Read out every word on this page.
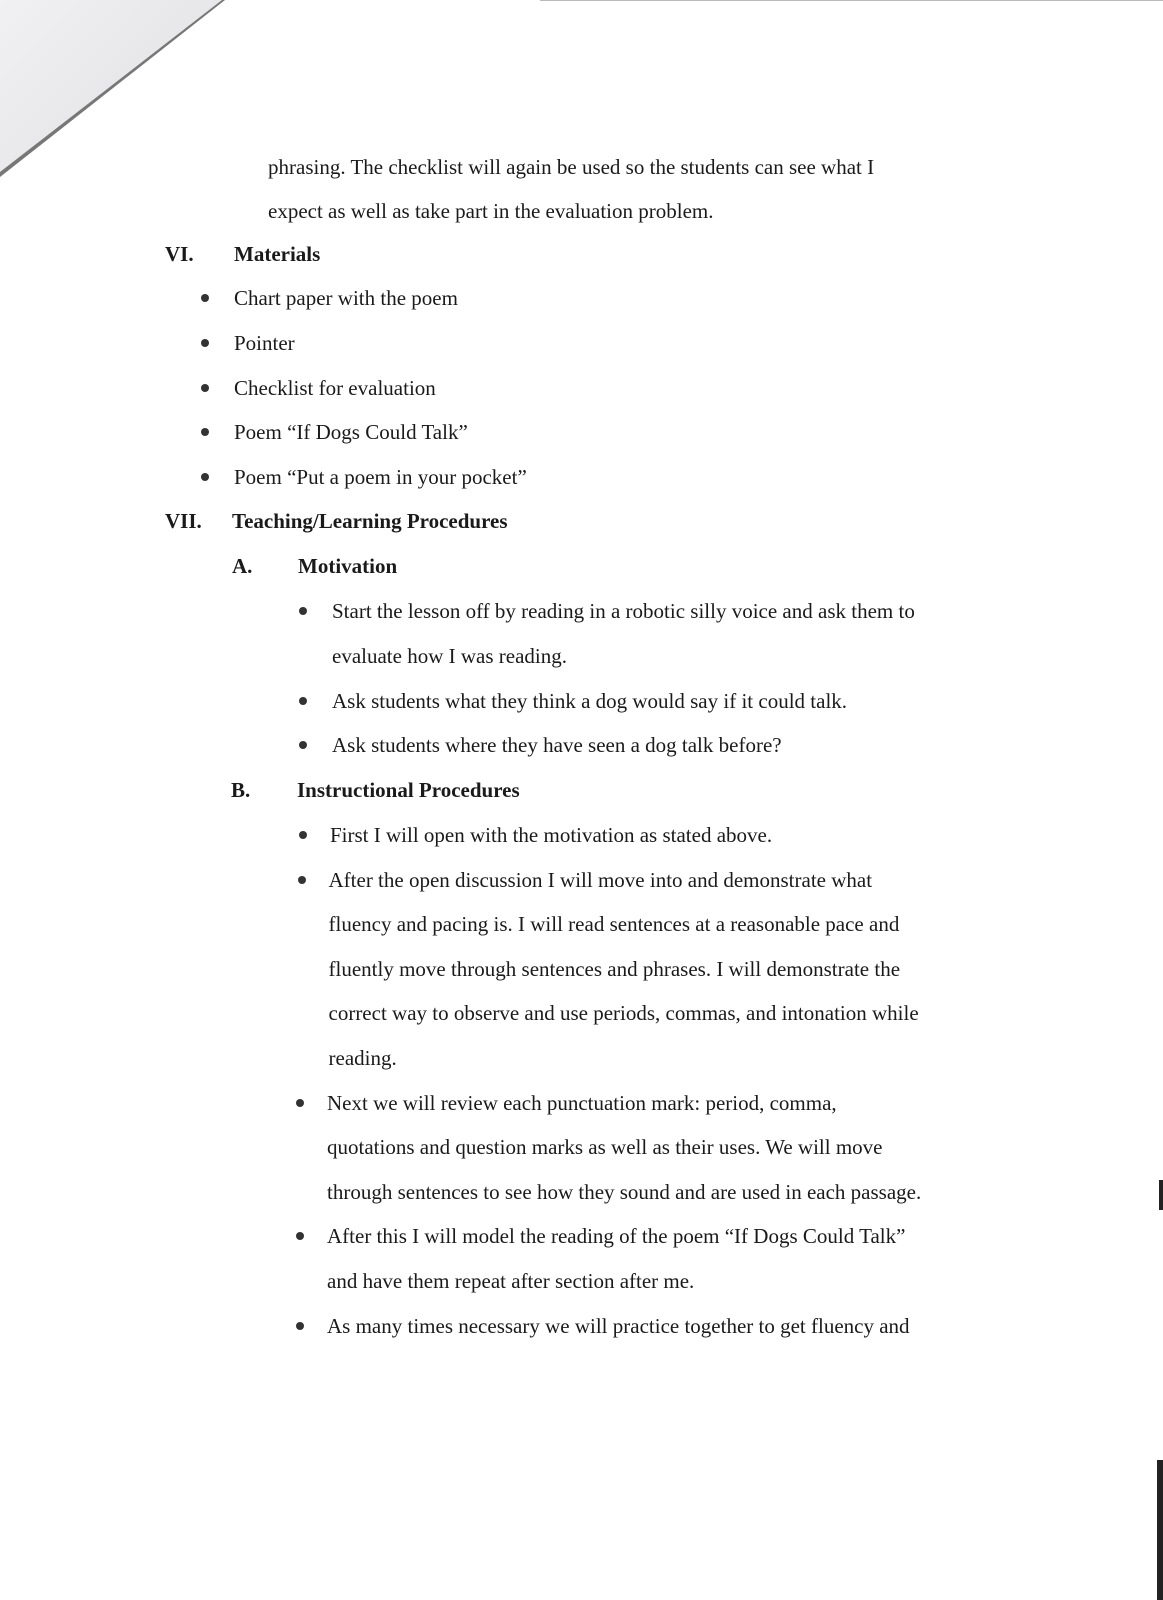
phrasing. The checklist will again be used so the students can see what I
expect as well as take part in the evaluation problem.
VI. Materials
Chart paper with the poem
Pointer
Checklist for evaluation
Poem “If Dogs Could Talk”
Poem “Put a poem in your pocket”
VII. Teaching/Learning Procedures
A. Motivation
Start the lesson off by reading in a robotic silly voice and ask them to
evaluate how I was reading.
Ask students what they think a dog would say if it could talk.
Ask students where they have seen a dog talk before?
B. Instructional Procedures
First I will open with the motivation as stated above.
After the open discussion I will move into and demonstrate what
fluency and pacing is. I will read sentences at a reasonable pace and
fluently move through sentences and phrases. I will demonstrate the
correct way to observe and use periods, commas, and intonation while
reading.
Next we will review each punctuation mark: period, comma,
quotations and question marks as well as their uses. We will move
through sentences to see how they sound and are used in each passage.
After this I will model the reading of the poem “If Dogs Could Talk”
and have them repeat after section after me.
As many times necessary we will practice together to get fluency and
